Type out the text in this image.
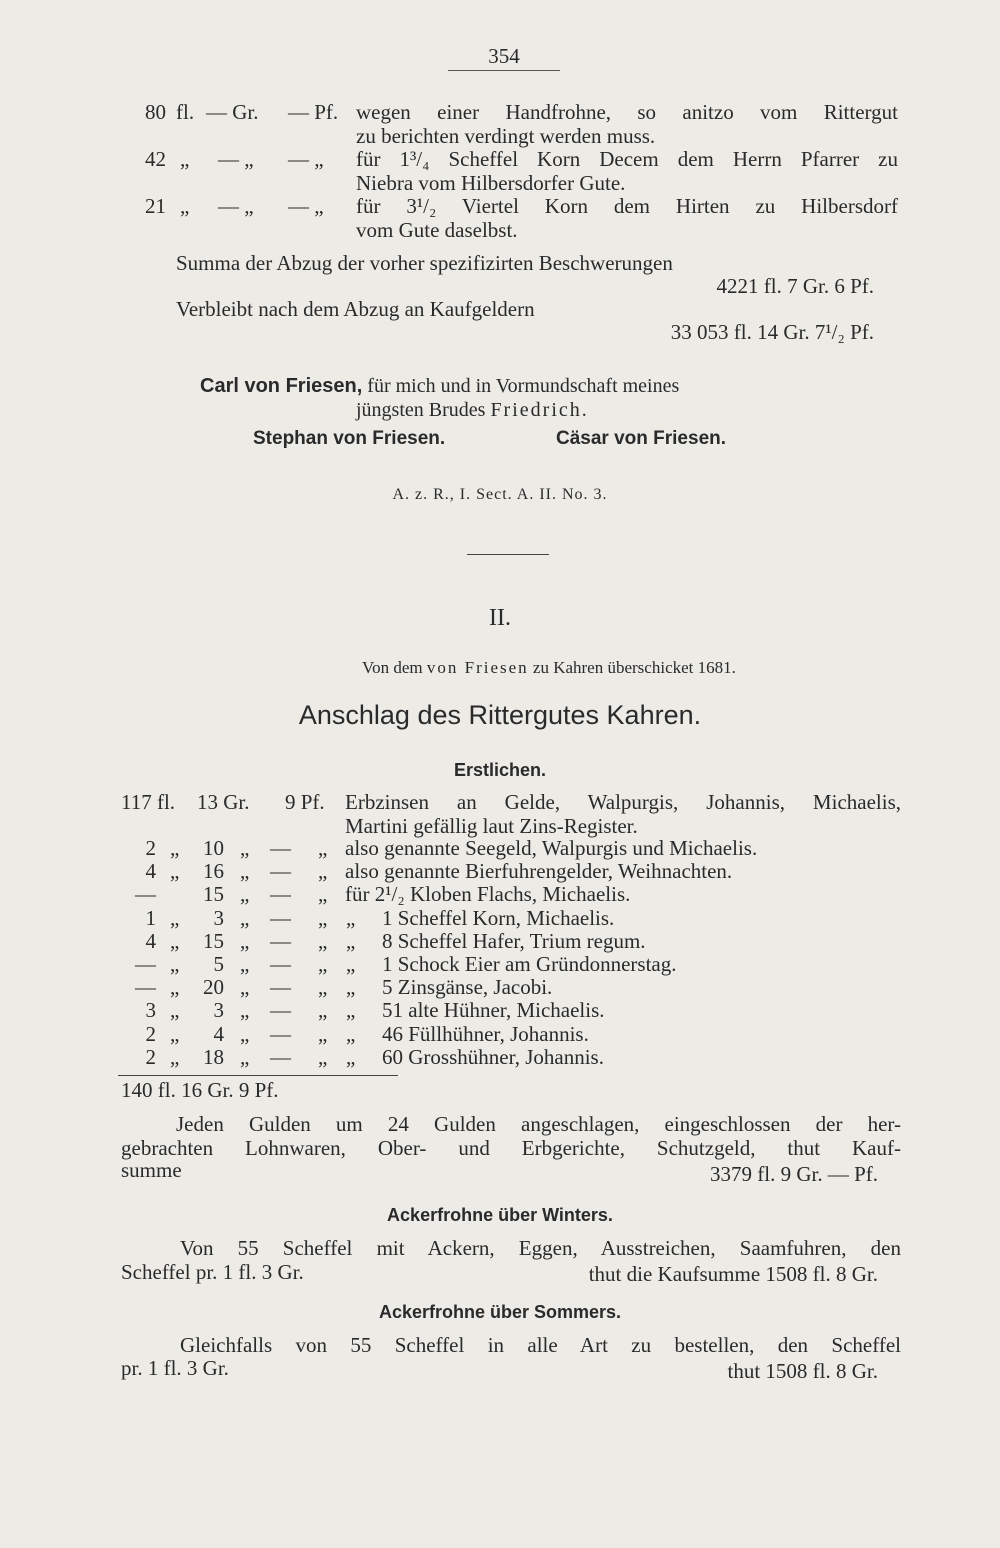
354
80 fl. — Gr. — Pf. wegen einer Handfrohne, so anitzo vom Rittergut
zu berichten verdingt werden muss.
42 „ — „ — „ für 1³/₄ Scheffel Korn Decem dem Herrn Pfarrer zu
Niebra vom Hilbersdorfer Gute.
21 „ — „ — „ für 3¹/₂ Viertel Korn dem Hirten zu Hilbersdorf
vom Gute daselbst.
Summa der Abzug der vorher spezifizirten Beschwerungen
4221 fl. 7 Gr. 6 Pf.
Verbleibt nach dem Abzug an Kaufgeldern
33 053 fl. 14 Gr. 7¹/₂ Pf.
Carl von Friesen, für mich und in Vormundschaft meines
jüngsten Brudes Friedrich.
Stephan von Friesen.	Cäsar von Friesen.
A. z. R., I. Sect. A. II. No. 3.
II.
Von dem von Friesen zu Kahren überschicket 1681.
Anschlag des Rittergutes Kahren.
Erstlichen.
117 fl. 13 Gr. 9 Pf. Erbzinsen an Gelde, Walpurgis, Johannis, Michaelis,
Martini gefällig laut Zins-Register.
2 „	10 „ —	„ also genannte Seegeld, Walpurgis und Michaelis.
4 „	16 „ —	„ also genannte Bierfuhrengelder, Weihnachten.
—	15 „ —	„ für 2¹/₂ Kloben Flachs, Michaelis.
1 „	3 „ —	„ „	1 Scheffel Korn, Michaelis.
4 „	15 „ —	„ „	8 Scheffel Hafer, Trium regum.
— „	5 „ —	„ „	1 Schock Eier am Gründonnerstag.
— „	20 „ —	„ „	5 Zinsgänse, Jacobi.
3 „	3 „ —	„ „	51 alte Hühner, Michaelis.
2 „	4 „ —	„ „	46 Füllhühner, Johannis.
2 „	18 „ —	„ „	60 Grosshühner, Johannis.
140 fl. 16 Gr. 9 Pf.
Jeden Gulden um 24 Gulden angeschlagen, eingeschlossen der her-
gebrachten Lohnwaren, Ober- und Erbgerichte, Schutzgeld, thut Kauf-
summe	3379 fl. 9 Gr. — Pf.
Ackerfrohne über Winters.
Von 55 Scheffel mit Ackern, Eggen, Ausstreichen, Saamfuhren, den
Scheffel pr. 1 fl. 3 Gr.	thut die Kaufsumme 1508 fl. 8 Gr.
Ackerfrohne über Sommers.
Gleichfalls von 55 Scheffel in alle Art zu bestellen, den Scheffel
pr. 1 fl. 3 Gr.	thut 1508 fl. 8 Gr.
